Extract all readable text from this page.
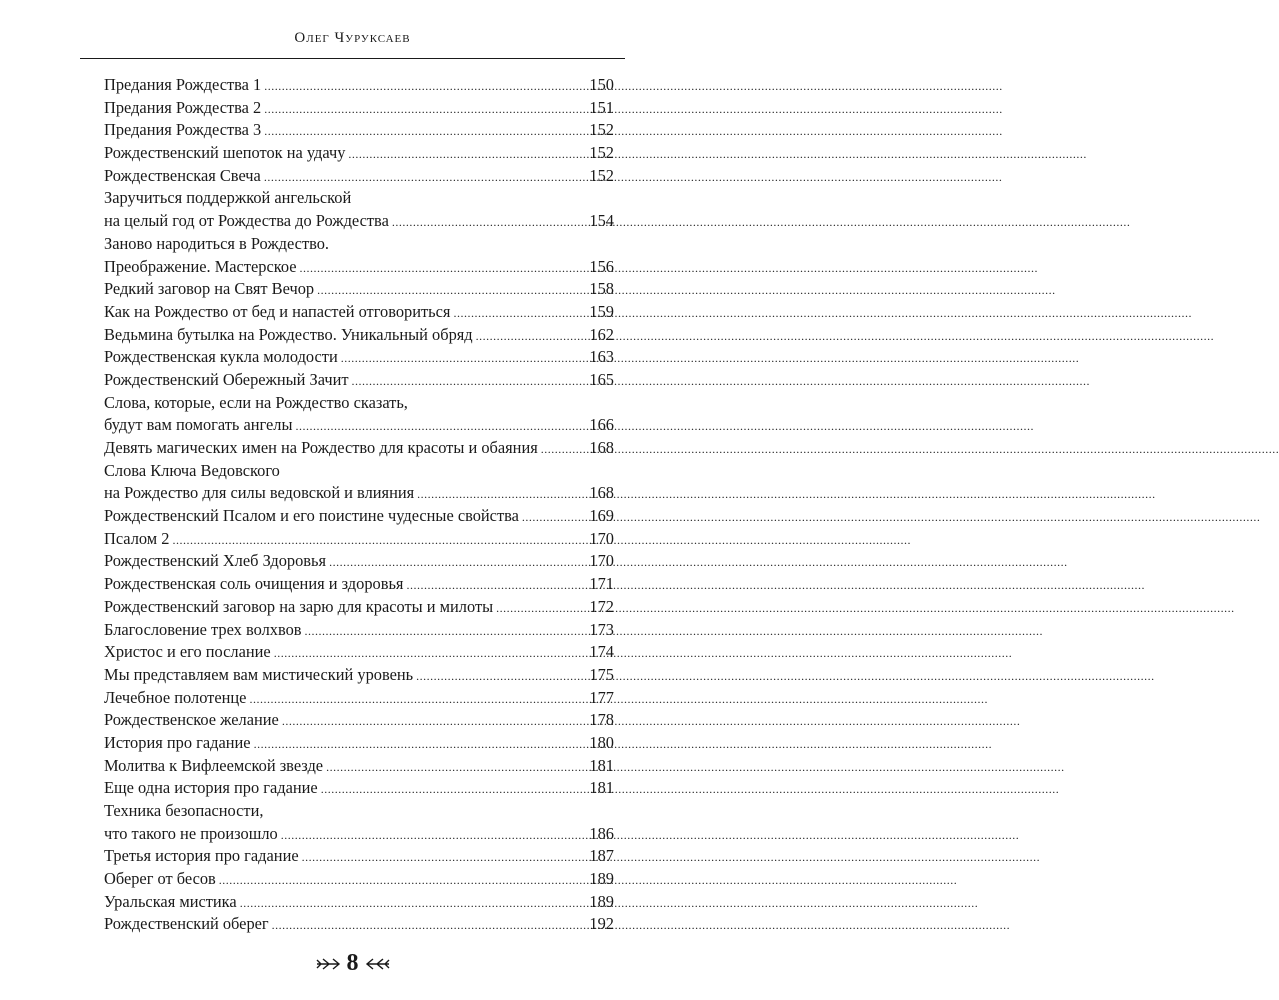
Олег Чуруксаев
Предания Рождества 1 .....	150
Предания Рождества 2 .....	151
Предания Рождества 3 .....	152
Рождественский шепоток на удачу .....	152
Рождественская Свеча .....	152
Заручиться поддержкой ангельской
на целый год от Рождества до Рождества .....	154
Заново народиться в Рождество.
Преображение. Мастерское .....	156
Редкий заговор на Свят Вечор .....	158
Как на Рождество от бед и напастей отговориться .....	159
Ведьмина бутылка на Рождество. Уникальный обряд .....	162
Рождественская кукла молодости .....	163
Рождественский Обережный Зачит .....	165
Слова, которые, если на Рождество сказать,
будут вам помогать ангелы .....	166
Девять магических имен на Рождество для красоты и обаяния .....	168
Слова Ключа Ведовского
на Рождество для силы ведовской и влияния .....	168
Рождественский Псалом и его поистине чудесные свойства .....	169
Псалом 2 .....	170
Рождественский Хлеб Здоровья .....	170
Рождественская соль очищения и здоровья .....	171
Рождественский заговор на зарю для красоты и милоты .....	172
Благословение трех волхвов .....	173
Христос и его послание .....	174
Мы представляем вам мистический уровень .....	175
Лечебное полотенце .....	177
Рождественское желание .....	178
История про гадание .....	180
Молитва к Вифлеемской звезде .....	181
Еще одна история про гадание .....	181
Техника безопасности,
что такого не произошло .....	186
Третья история про гадание .....	187
Оберег от бесов .....	189
Уральская мистика .....	189
Рождественский оберег .....	192
8
